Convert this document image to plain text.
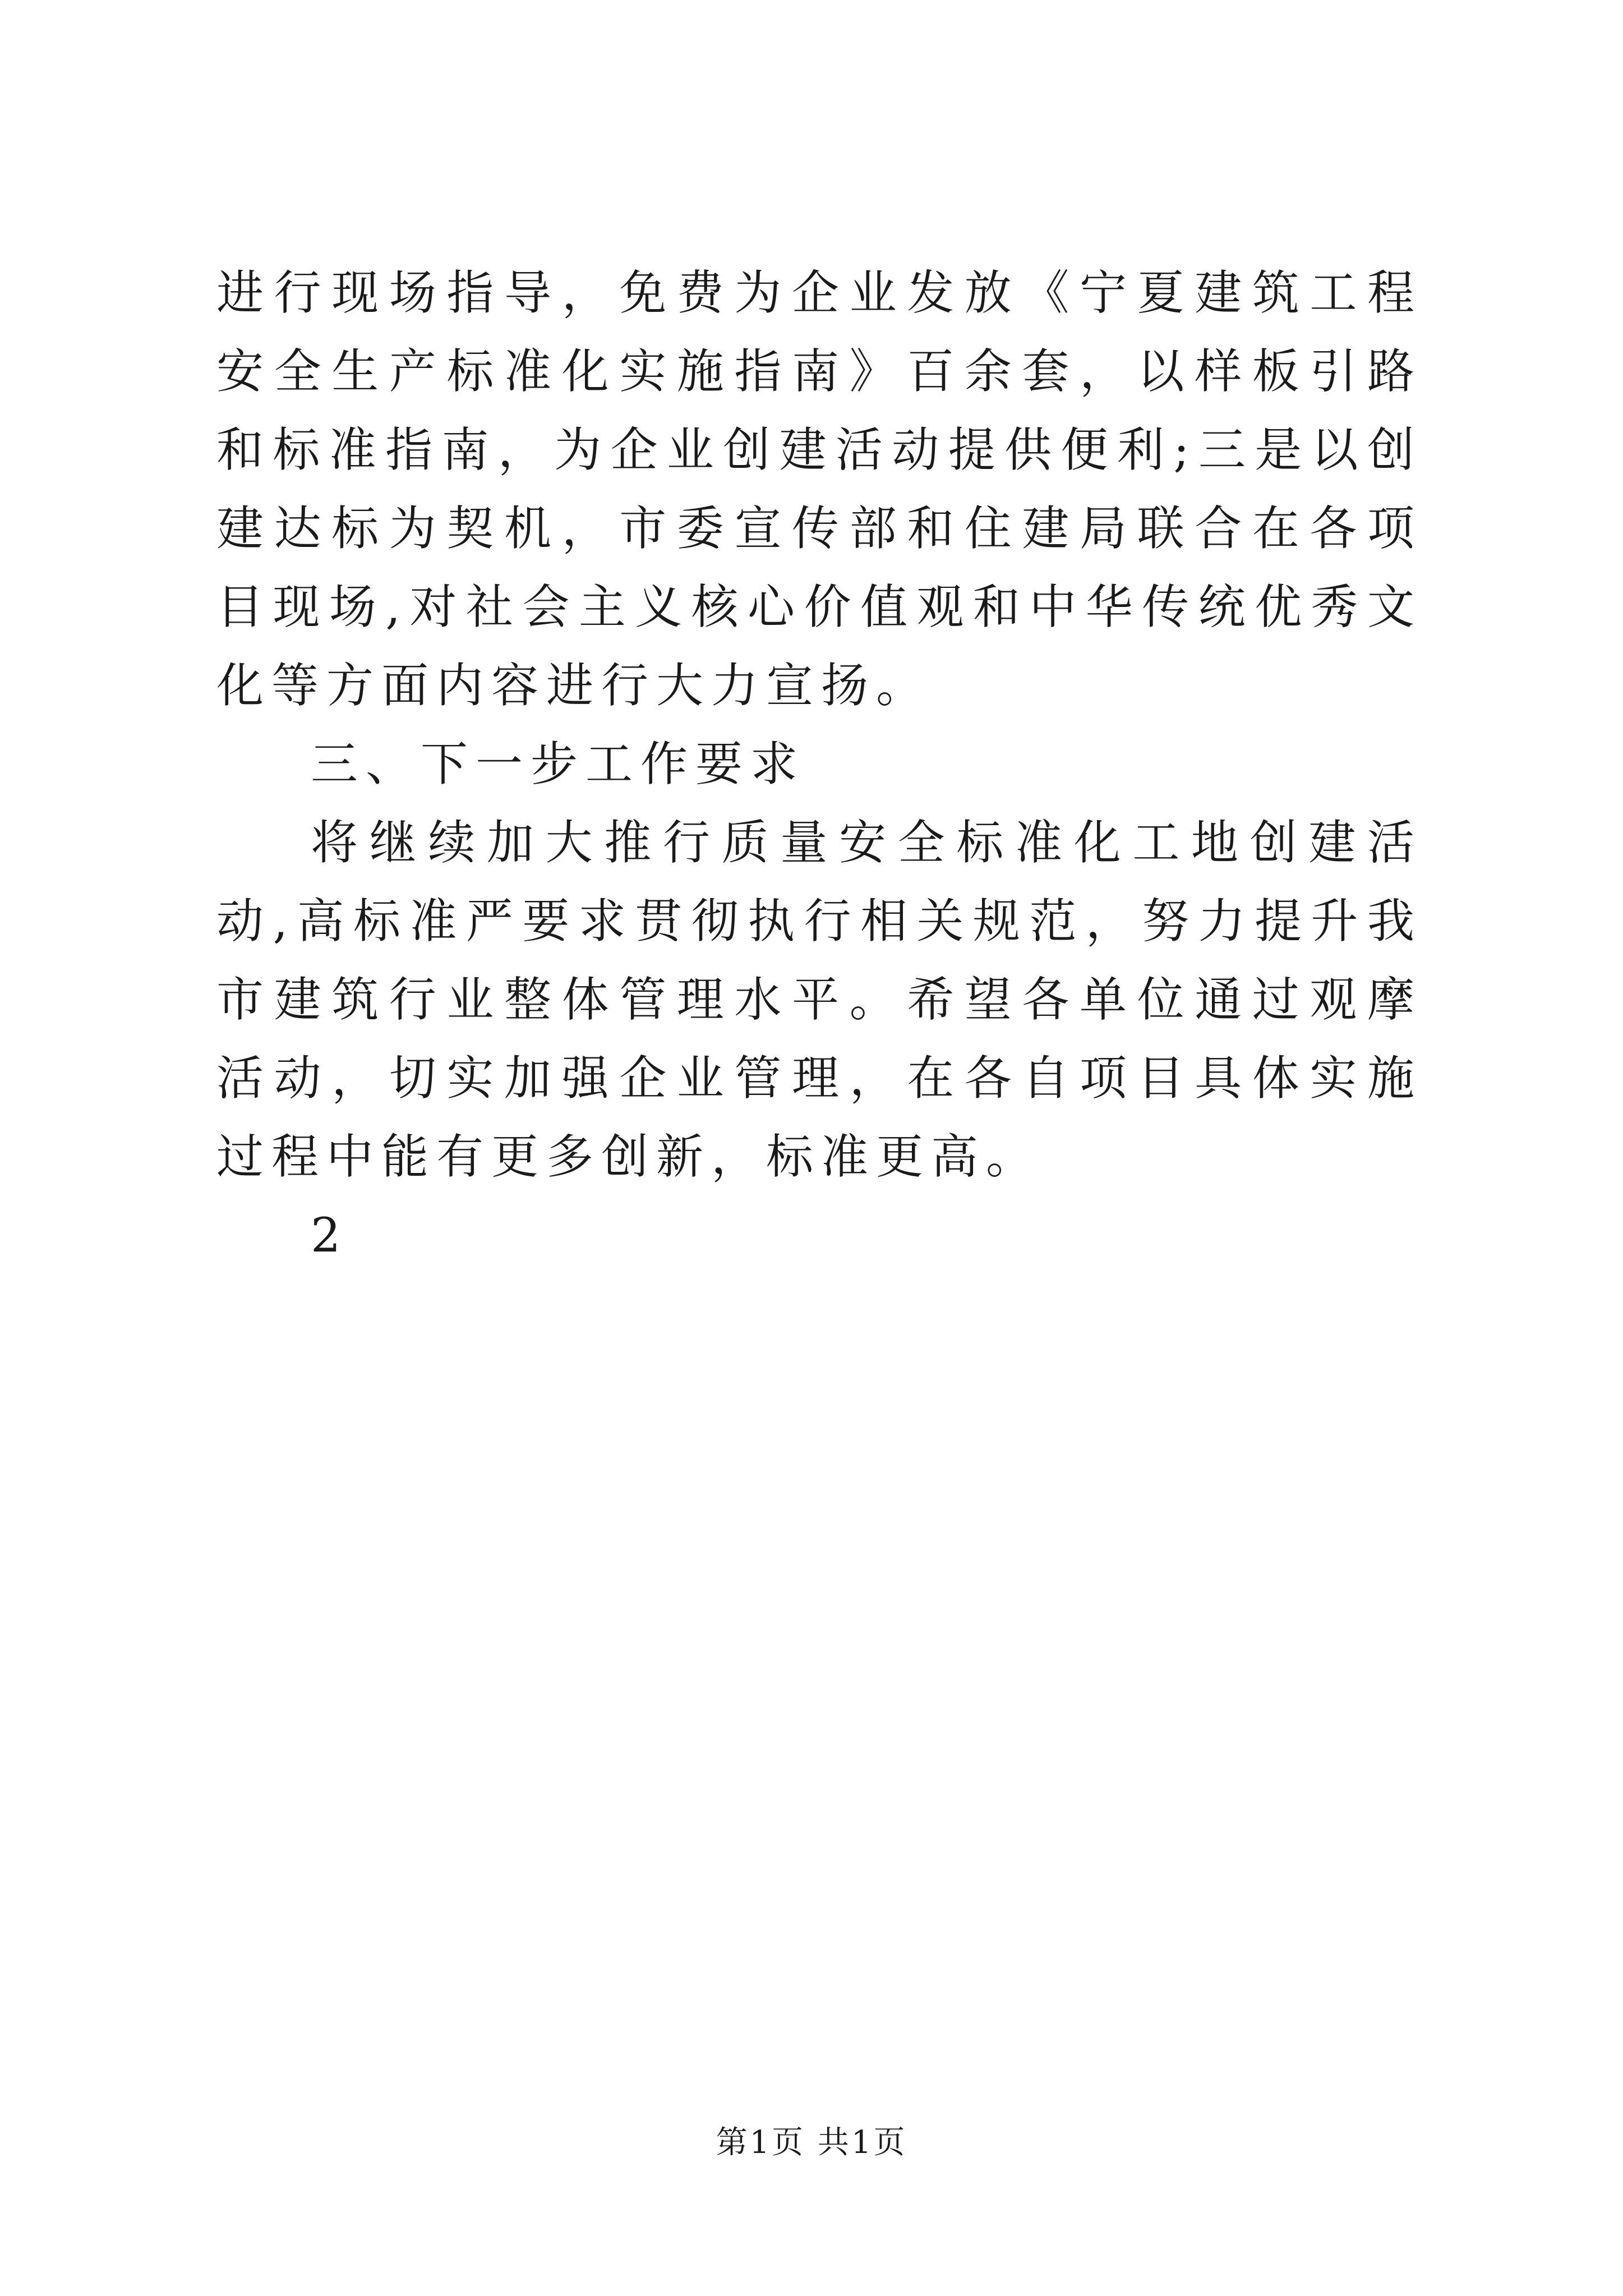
进行现场指导，免费为企业发放《宁夏建筑工程安全生产标准化实施指南》百余套，以样板引路和标准指南，为企业创建活动提供便利;三是以创建达标为契机，市委宣传部和住建局联合在各项目现场,对社会主义核心价值观和中华传统优秀文化等方面内容进行大力宣扬。

三、下一步工作要求

将继续加大推行质量安全标准化工地创建活动,高标准严要求贯彻执行相关规范，努力提升我市建筑行业整体管理水平。希望各单位通过观摩活动，切实加强企业管理，在各自项目具体实施过程中能有更多创新，标准更高。

2

第1页 共1页
